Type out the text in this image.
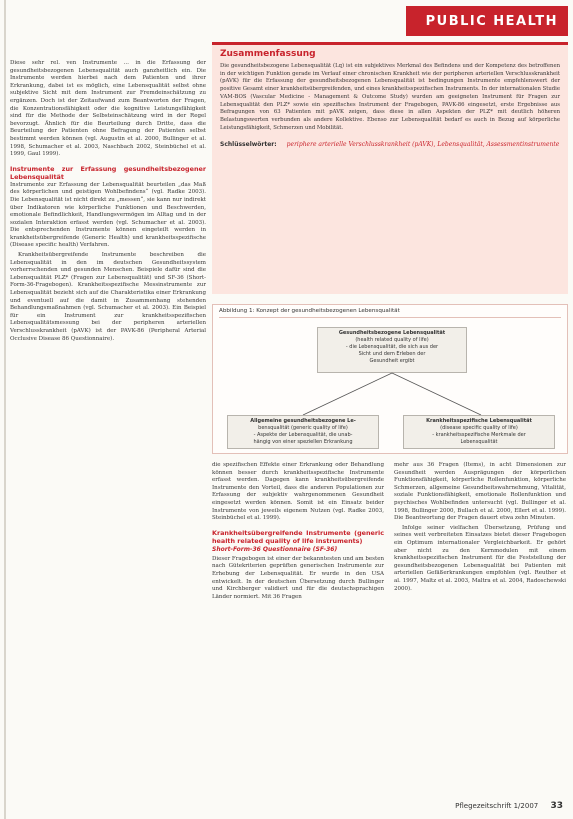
PUBLIC HEALTH
Zusammenfassung

Die gesundheitsbezogene Lebensqualität (Lq) ist ein subjektives Merkmal des Befindens und der Kompetenz des betroffenen in der wichtigen Funktion gerade im Verlauf einer chronischen Krankheit wie der peripheren arteriellen Verschlusskrankheit (pAVK) für die Erfassung der gesundheitsbezogenen Lebensqualität ist bedingungen Instrumente empfehlenswert der positive Gesamt einer krankheitsübergreifenden, und eines krankheitsspezifischen Instruments. In der internationalen Studie VAM-BOS (Vascular Medicine - Management & Outcome Study) wurden am geeigneten Instrument für Fragen zur Lebensqualität den PLZ* sowie ein spezifisches Instrument der Fragebogen, PAVK-86 eingesetzt, erste Ergebnisse aus Befragungen von 63 Patienten mit pAVK zeigen, dass diese in allen Aspekten der PLZ* mit deutlich höheren Belastungswerten verbunden als andere Kollektive. Ebenso zur Lebensqualität bedarf es auch in Bezug auf körperliche Leistungsfähigkeit, Schmerzen und Mobilität.

Schlüsselwörter: periphere arterielle Verschlusskrankheit (pAVK), Lebensqualität, Assessmentinstrumente

Diese sehr rel. ven Instrumente … in die Erfassung der gesundheitsbezogenen Lebensqualität auch ganzheitlich ein. Die Instrumente werden hierbei nach dem Patienten und ihrer Erkrankung, dabei ist es möglich, eine Lebensqualität selbst ohne subjektive Sicht mit dem Instrument zur Fremdeinschätzung zu ergänzen. Doch ist der Zeitaufwand zum Beantworten der Fragen, die Konzentrationsfähigkeit oder die kognitive Leistungsfähigkeit sind für die Methode der Selbsteinschätzung wird in der Regel bevorzugt. Ähnlich für die Beurteilung durch Dritte, dass die Beurteilung der Patienten ohne Befragung der Patienten selbst bestimmt werden können (vgl. Augustin et al. 2000, Bullinger et al. 1998, Schumacher et al. 2003, Naschbach 2002, Steinbüchel et al. 1999, Gaul 1999).

Instrumente zur Erfassung gesundheitsbezogener Lebensqualität

Instrumente zur Erfassung der Lebensqualität beurteilen „das Maß des körperlichen und geistigen Wohlbefindens“ (vgl. Radke 2003). Die Lebensqualität ist nicht direkt zu „messen“, sie kann nur indirekt über Indikatoren wie körperliche Funktionen und Beschwerden, emotionale Befindlichkeit, Handlungsvermögen im Alltag und in der sozialen Interaktion erfasst werden (vgl. Schumacher et al. 2003). Die entsprechenden Instrumente können eingeteilt werden in krankheitsübergreifende (Generic Health) und krankheitsspezifische (Disease specific health) Verfahren.

Krankheitsübergreifende Instrumente beschreiben die Lebensqualität in den im deutschen Gesundheitssystem vorherrschenden und gesunden Menschen. Beispiele dafür sind die Lebensqualität PLZ* (Fragen zur Lebensqualität) und SF-36 (Short-Form-36-Fragebogen). Krankheitsspezifische Messinstrumente zur Lebensqualität bezieht sich auf die Charakteristika einer Erkrankung und eventuell auf die damit in Zusammenhang stehenden Behandlungsmaßnahmen (vgl. Schumacher et al. 2003). Ein Beispiel für ein Instrument zur krankheitsspezifischen Lebensqualitätsmessung bei der peripheren arteriellen Verschlusskrankheit (pAVK) ist der PAVK-86 (Peripheral Arterial Occlusive Disease 86 Questionnaire).

Abbildung 1: Konzept der gesundheitsbezogenen Lebensqualität
Gesundheitsbezogene Lebensqualität
(health related quality of life)
- die Lebensqualität, die sich aus der
Sicht und dem Erleben der
Gesundheit ergibt
Allgemeine gesundheitsbezogene Le-
bensqualität (generic quality of life)
- Aspekte der Lebensqualität, die unab-
hängig von einer speziellen Erkrankung
Krankheitsspezifische Lebensqualität
(disease specific quality of life)
- krankheitsspezifische Merkmale der
Lebensqualität

die spezifischen Effekte einer Erkrankung oder Behandlung können besser durch krankheitsspezifische Instrumente erfasst werden. Dagegen kann krankheitsübergreifende Instrumente den Vorteil, dass die anderen Populationen zur Erfassung der subjektiv wahrgenommenen Gesundheit eingesetzt werden können. Somit ist ein Einsatz beider Instrumente von jeweils eigenem Nutzen (vgl. Radke 2003, Steinbüchel et al. 1999).

Krankheitsübergreifende Instrumente (generic health related quality of life instruments)
Short-Form-36 Questionnaire (SF-36)

Dieser Fragebogen ist einer der bekanntesten und am besten nach Gütekriterien geprüften generischen Instrumente zur Erhebung der Lebensqualität. Er wurde in den USA entwickelt. In der deutschen Übersetzung durch Bullinger und Kirchberger validiert und für die deutschsprachigen Länder normiert. Mit 36 Fragen

mehr aus 36 Fragen (Items), in acht Dimensionen zur Gesundheit werden Ausprägungen der körperlichen Funktionsfähigkeit, körperliche Rollenfunktion, körperliche Schmerzen, allgemeine Gesundheitswahrnehmung, Vitalität, soziale Funktionsfähigkeit, emotionale Rollenfunktion und psychisches Wohlbefinden untersucht (vgl. Bullinger et al. 1998, Bullinger 2000, Bullach et al. 2000, Ellert et al. 1999). Die Beantwortung der Fragen dauert etwa zehn Minuten.

Infolge seiner vielfachen Übersetzung, Prüfung und seines weit verbreiteten Einsatzes bietet dieser Fragebogen ein Optimum internationaler Vergleichbarkeit. Er gehört aber nicht zu den Kernmodulen mit einem krankheitsspezifischen Instrument für die Feststellung der gesundheitsbezogenen Lebensqualität bei Patienten mit arteriellen Gefäßerkrankungen empfohlen (vgl. Reuther et al. 1997, Maltz et al. 2003, Maltra et al. 2004, Radoschewski 2000).

Pflegezeitschrift 1/2007 33
